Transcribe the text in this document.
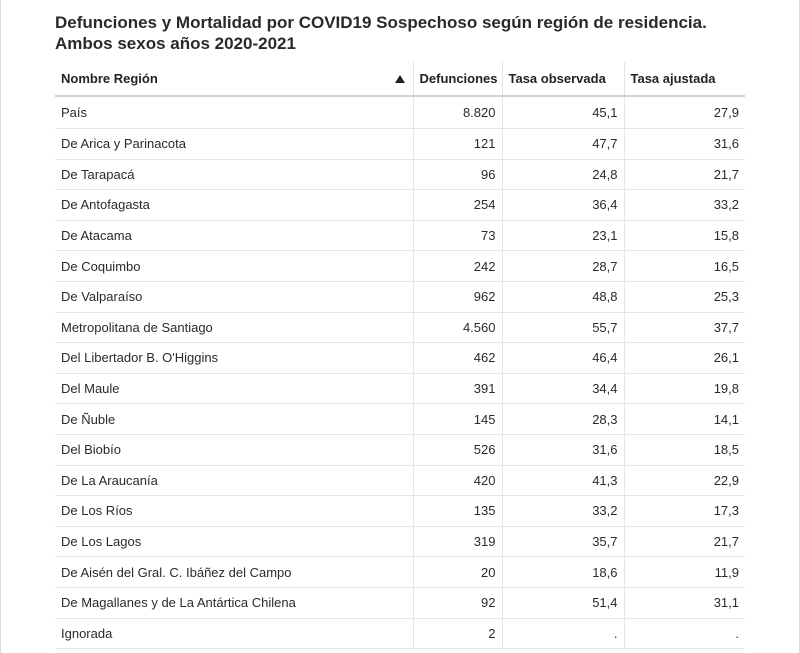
Defunciones y Mortalidad por COVID19 Sospechoso según región de residencia. Ambos sexos años 2020-2021
Nombre Región	Defunciones	Tasa observada	Tasa ajustada
País	8.820	45,1	27,9
De Arica y Parinacota	121	47,7	31,6
De Tarapacá	96	24,8	21,7
De Antofagasta	254	36,4	33,2
De Atacama	73	23,1	15,8
De Coquimbo	242	28,7	16,5
De Valparaíso	962	48,8	25,3
Metropolitana de Santiago	4.560	55,7	37,7
Del Libertador B. O'Higgins	462	46,4	26,1
Del Maule	391	34,4	19,8
De Ñuble	145	28,3	14,1
Del Biobío	526	31,6	18,5
De La Araucanía	420	41,3	22,9
De Los Ríos	135	33,2	17,3
De Los Lagos	319	35,7	21,7
De Aisén del Gral. C. Ibáñez del Campo	20	18,6	11,9
De Magallanes y de La Antártica Chilena	92	51,4	31,1
Ignorada	2	.	.
